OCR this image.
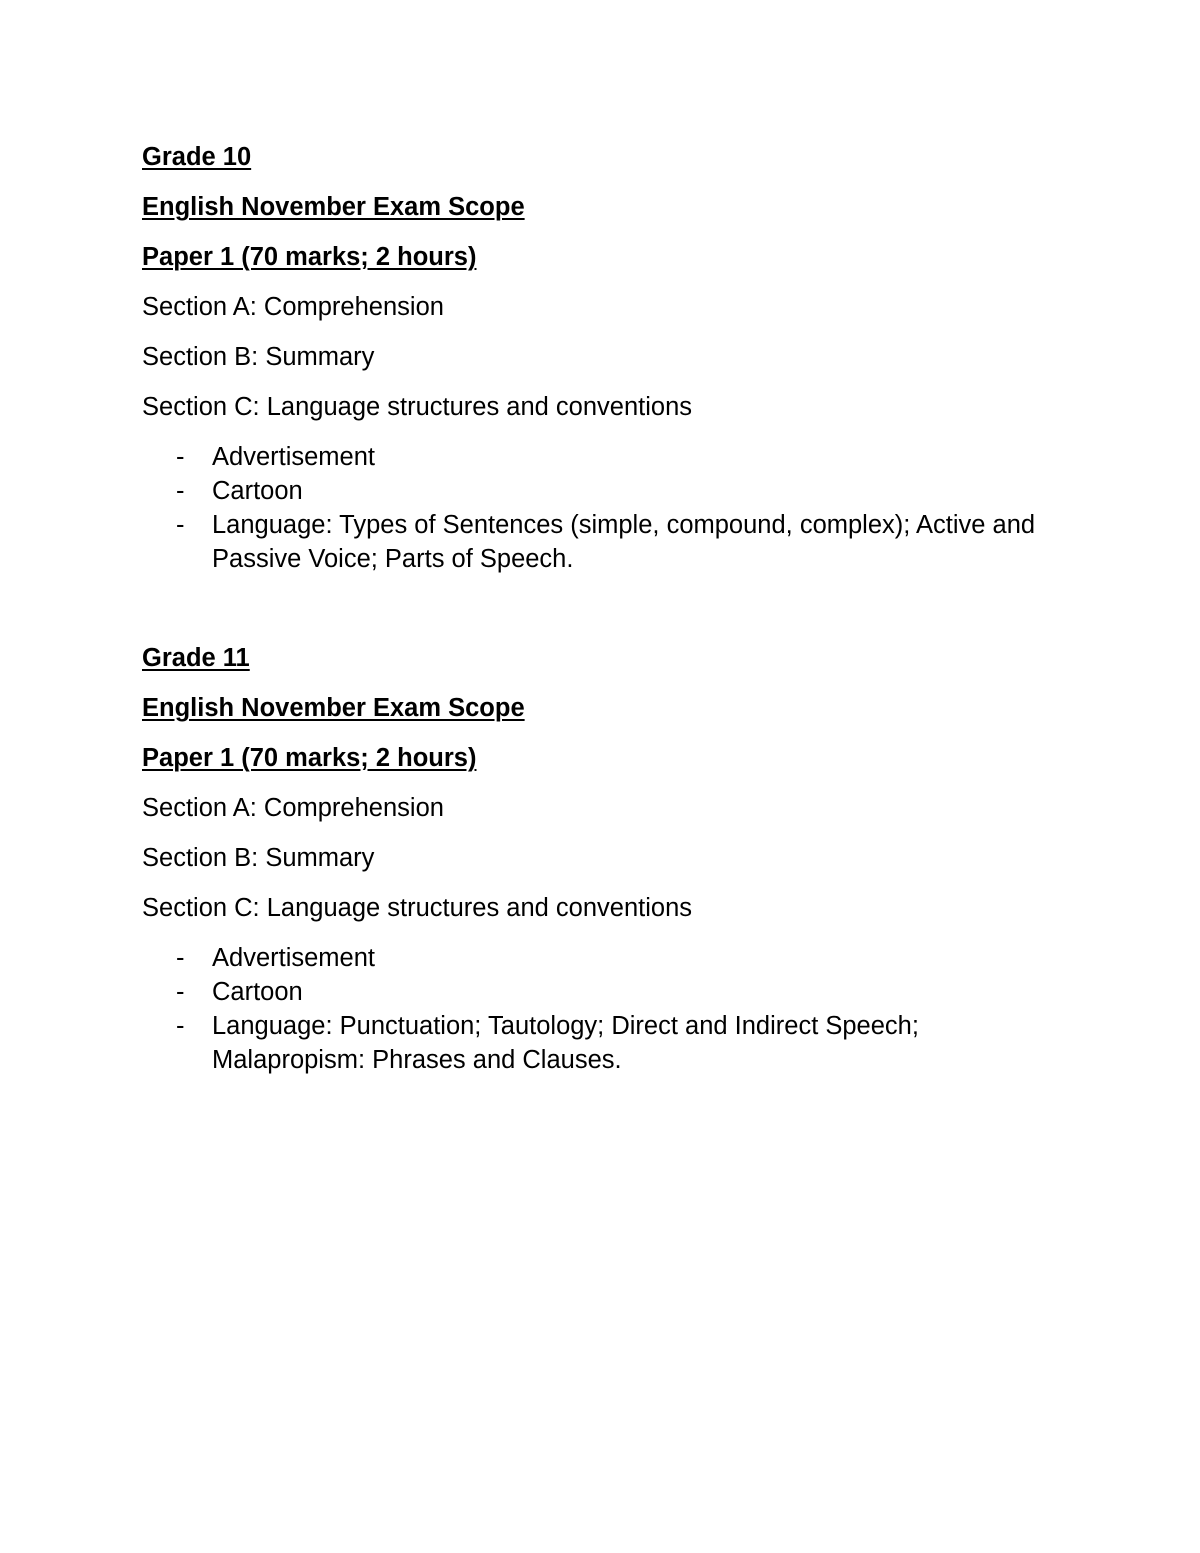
Grade 10
English November Exam Scope
Paper 1 (70 marks; 2 hours)
Section A: Comprehension
Section B: Summary
Section C: Language structures and conventions
- Advertisement
- Cartoon
- Language: Types of Sentences (simple, compound, complex); Active and Passive Voice; Parts of Speech.
Grade 11
English November Exam Scope
Paper 1 (70 marks; 2 hours)
Section A: Comprehension
Section B: Summary
Section C: Language structures and conventions
- Advertisement
- Cartoon
- Language: Punctuation; Tautology; Direct and Indirect Speech; Malapropism: Phrases and Clauses.
